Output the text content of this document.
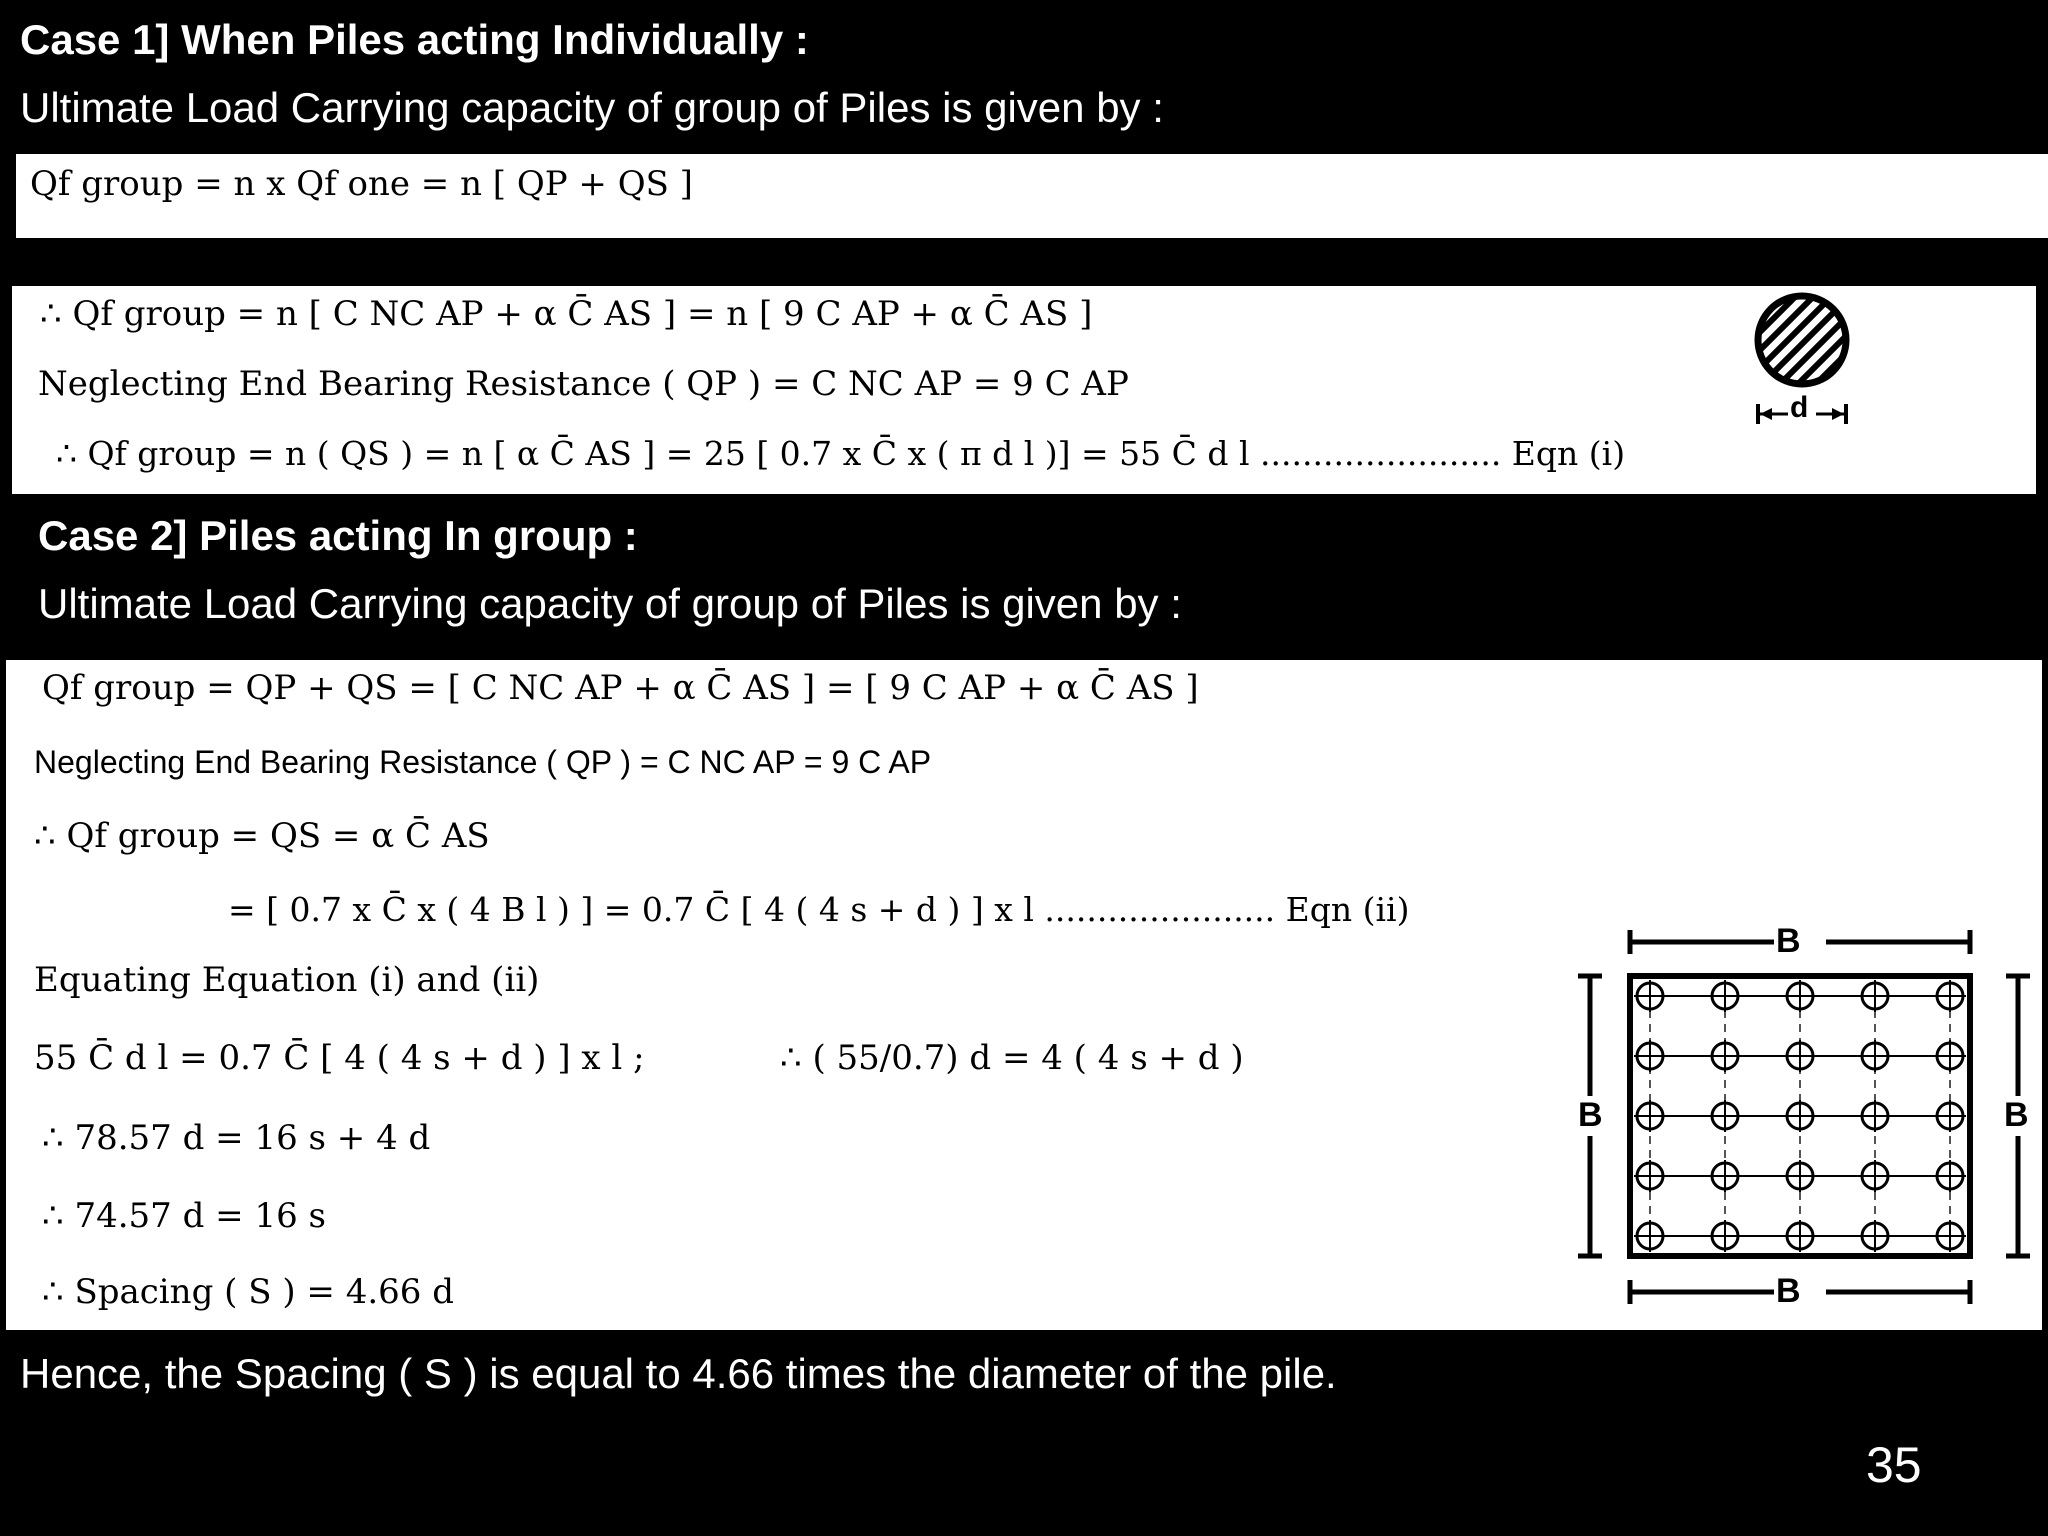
Case 1] When Piles acting Individually :
Ultimate Load Carrying capacity of group of Piles is given by :
Qf group = n x Qf one = n [ QP + QS ]
∴ Qf group = n [ C NC AP + α C̄ AS ] = n [ 9 C AP + α C̄ AS ]
Neglecting End Bearing Resistance ( QP ) = C NC AP = 9 C AP
∴ Qf group = n ( QS ) = n [ α C̄ AS ] = 25 [ 0.7 x C̄ x ( π d l )] = 55 C̄ d l ....................... Eqn (i)
d
Case 2] Piles acting In group :
Ultimate Load Carrying capacity of group of Piles is given by :
Qf group = QP + QS = [ C NC AP + α C̄ AS ] = [ 9 C AP + α C̄ AS ]
Neglecting End Bearing Resistance ( QP ) = C NC AP = 9 C AP
∴ Qf group = QS = α C̄ AS
= [ 0.7 x C̄ x ( 4 B l ) ] = 0.7 C̄ [ 4 ( 4 s + d ) ] x l ...................... Eqn (ii)
Equating Equation (i) and (ii)
55 C̄ d l = 0.7 C̄ [ 4 ( 4 s + d ) ] x l ;	∴ ( 55/0.7) d = 4 ( 4 s + d )
∴ 78.57 d = 16 s + 4 d
∴ 74.57 d = 16 s
∴ Spacing ( S ) = 4.66 d
B
B
B	B
Hence, the Spacing ( S ) is equal to 4.66 times the diameter of the pile.
35
